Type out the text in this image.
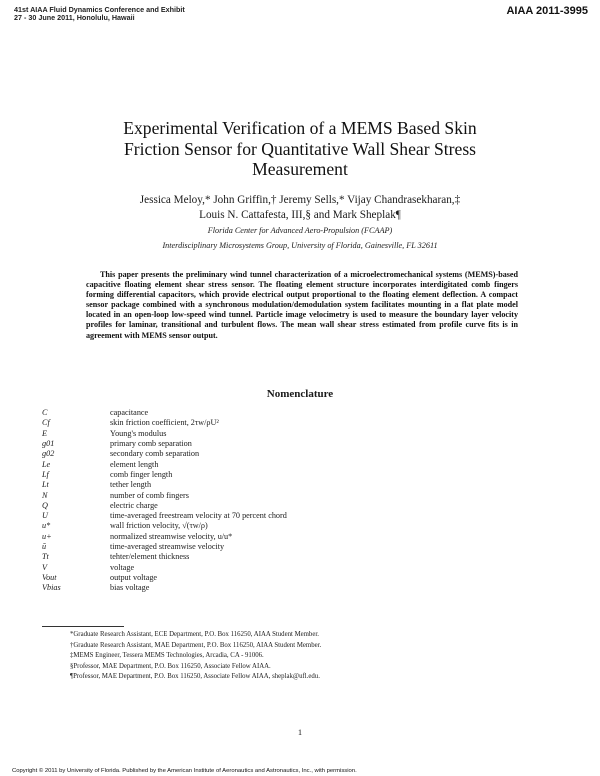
41st AIAA Fluid Dynamics Conference and Exhibit
27 - 30 June 2011, Honolulu, Hawaii
AIAA 2011-3995
Experimental Verification of a MEMS Based Skin
Friction Sensor for Quantitative Wall Shear Stress
Measurement
Jessica Meloy,* John Griffin,† Jeremy Sells,* Vijay Chandrasekharan,‡
Louis N. Cattafesta, III,§ and Mark Sheplak¶
Florida Center for Advanced Aero-Propulsion (FCAAP)
Interdisciplinary Microsystems Group, University of Florida, Gainesville, FL 32611

This paper presents the preliminary wind tunnel characterization of a microelectromechanical systems (MEMS)-based capacitive floating element shear stress sensor. The floating element structure incorporates interdigitated comb fingers forming differential capacitors, which provide electrical output proportional to the floating element deflection. A compact sensor package combined with a synchronous modulation/demodulation system facilitates mounting in a flat plate model located in an open-loop low-speed wind tunnel. Particle image velocimetry is used to measure the boundary layer velocity profiles for laminar, transitional and turbulent flows. The mean wall shear stress estimated from profile curve fits is in agreement with MEMS sensor output.

Nomenclature
C	capacitance
Cf	skin friction coefficient, 2τw/ρU²
E	Young's modulus
g01	primary comb separation
g02	secondary comb separation
Le	element length
Lf	comb finger length
Lt	tether length
N	number of comb fingers
Q	electric charge
U	time-averaged freestream velocity at 70 percent chord
u*	wall friction velocity, √(τw/ρ)
u+	normalized streamwise velocity, u/u*
ū	time-averaged streamwise velocity
Tt	tehter/element thickness
V	voltage
Vout	output voltage
Vbias	bias voltage
*Graduate Research Assistant, ECE Department, P.O. Box 116250, AIAA Student Member.
†Graduate Research Assistant, MAE Department, P.O. Box 116250, AIAA Student Member.
‡MEMS Engineer, Tessera MEMS Technologies, Arcadia, CA - 91006.
§Professor, MAE Department, P.O. Box 116250, Associate Fellow AIAA.
¶Professor, MAE Department, P.O. Box 116250, Associate Fellow AIAA, sheplak@ufl.edu.
1
Copyright © 2011 by University of Florida. Published by the American Institute of Aeronautics and Astronautics, Inc., with permission.
